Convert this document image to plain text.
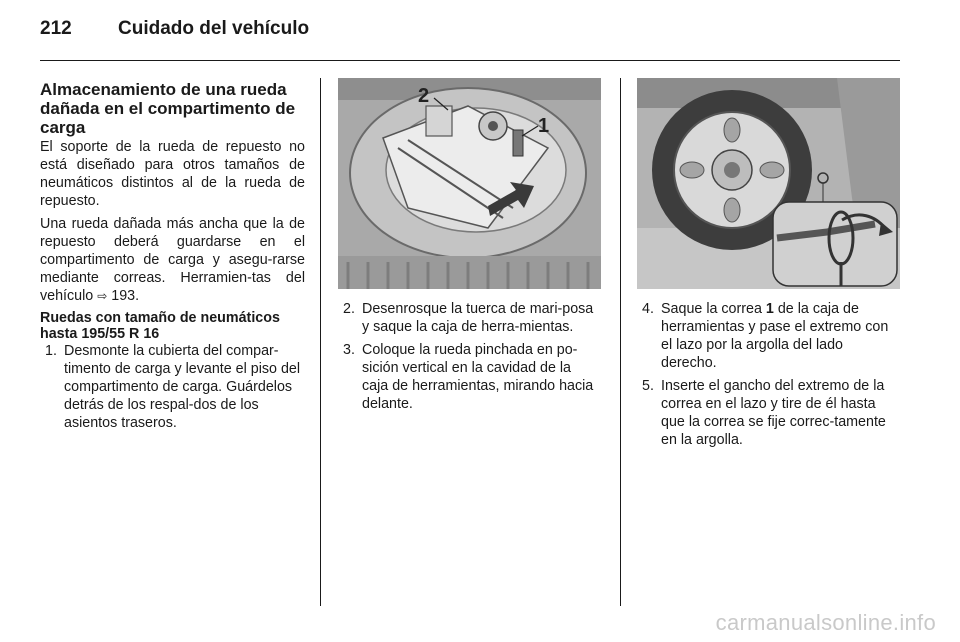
212 Cuidado del vehículo
Almacenamiento de una rueda dañada en el compartimento de carga

El soporte de la rueda de repuesto no está diseñado para otros tamaños de neumáticos distintos al de la rueda de repuesto.

Una rueda dañada más ancha que la de repuesto deberá guardarse en el compartimento de carga y asegu-rarse mediante correas. Herramien-tas del vehículo ⇨ 193.

Ruedas con tamaño de neumáticos hasta 195/55 R 16
1. Desmonte la cubierta del compar-timento de carga y levante el piso del compartimento de carga. Guárdelos detrás de los respal-dos de los asientos traseros.
2
1
2. Desenrosque la tuerca de mari-posa y saque la caja de herra-mientas.
3. Coloque la rueda pinchada en po-sición vertical en la cavidad de la caja de herramientas, mirando hacia delante.
4. Saque la correa 1 de la caja de herramientas y pase el extremo con el lazo por la argolla del lado derecho.
5. Inserte el gancho del extremo de la correa en el lazo y tire de él hasta que la correa se fije correc-tamente en la argolla.
carmanualsonline.info
